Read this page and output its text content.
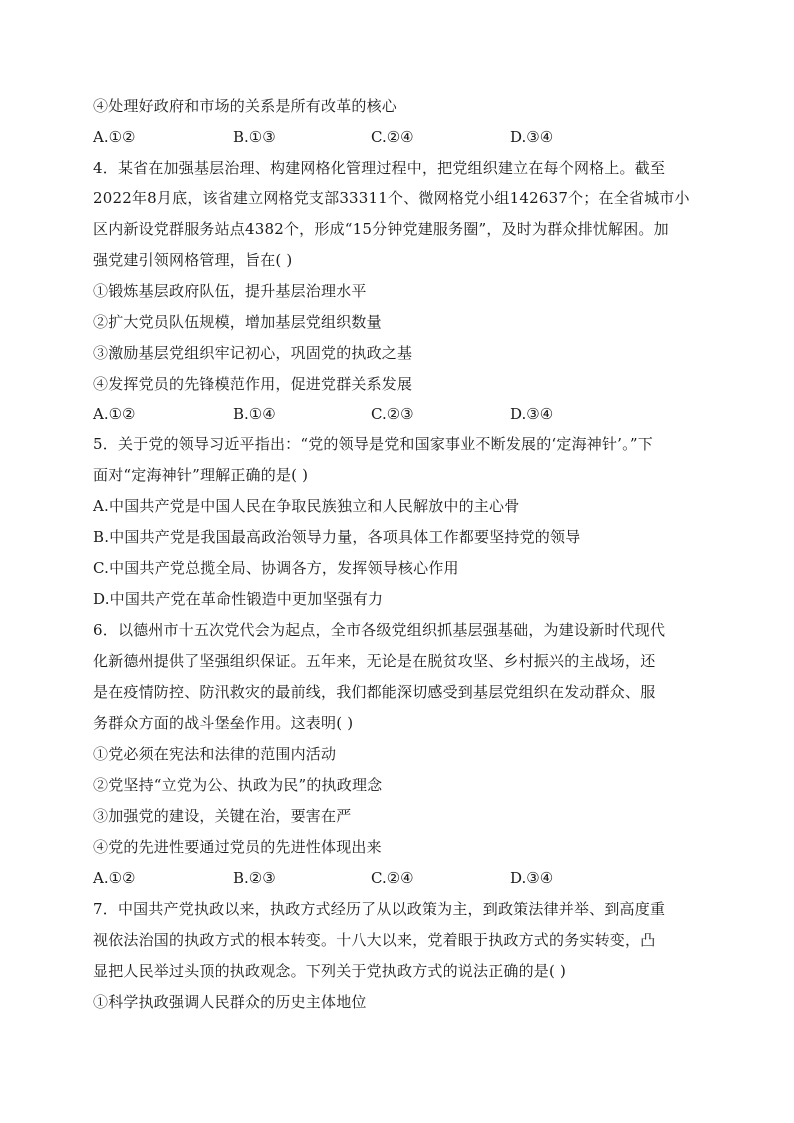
④处理好政府和市场的关系是所有改革的核心
A.①②	B.①③	C.②④	D.③④
4．某省在加强基层治理、构建网格化管理过程中，把党组织建立在每个网格上。截至
2022年8月底，该省建立网格党支部33311个、微网格党小组142637个；在全省城市小
区内新设党群服务站点4382个，形成“15分钟党建服务圈”，及时为群众排忧解困。加
强党建引领网格管理，旨在( )
①锻炼基层政府队伍，提升基层治理水平
②扩大党员队伍规模，增加基层党组织数量
③激励基层党组织牢记初心，巩固党的执政之基
④发挥党员的先锋模范作用，促进党群关系发展
A.①②	B.①④	C.②③	D.③④
5．关于党的领导习近平指出：“党的领导是党和国家事业不断发展的‘定海神针’。”下
面对“定海神针”理解正确的是( )
A.中国共产党是中国人民在争取民族独立和人民解放中的主心骨
B.中国共产党是我国最高政治领导力量，各项具体工作都要坚持党的领导
C.中国共产党总揽全局、协调各方，发挥领导核心作用
D.中国共产党在革命性锻造中更加坚强有力
6．以德州市十五次党代会为起点，全市各级党组织抓基层强基础，为建设新时代现代
化新德州提供了坚强组织保证。五年来，无论是在脱贫攻坚、乡村振兴的主战场，还
是在疫情防控、防汛救灾的最前线，我们都能深切感受到基层党组织在发动群众、服
务群众方面的战斗堡垒作用。这表明( )
①党必须在宪法和法律的范围内活动
②党坚持“立党为公、执政为民”的执政理念
③加强党的建设，关键在治，要害在严
④党的先进性要通过党员的先进性体现出来
A.①②	B.②③	C.②④	D.③④
7．中国共产党执政以来，执政方式经历了从以政策为主，到政策法律并举、到高度重
视依法治国的执政方式的根本转变。十八大以来，党着眼于执政方式的务实转变，凸
显把人民举过头顶的执政观念。下列关于党执政方式的说法正确的是( )
①科学执政强调人民群众的历史主体地位
